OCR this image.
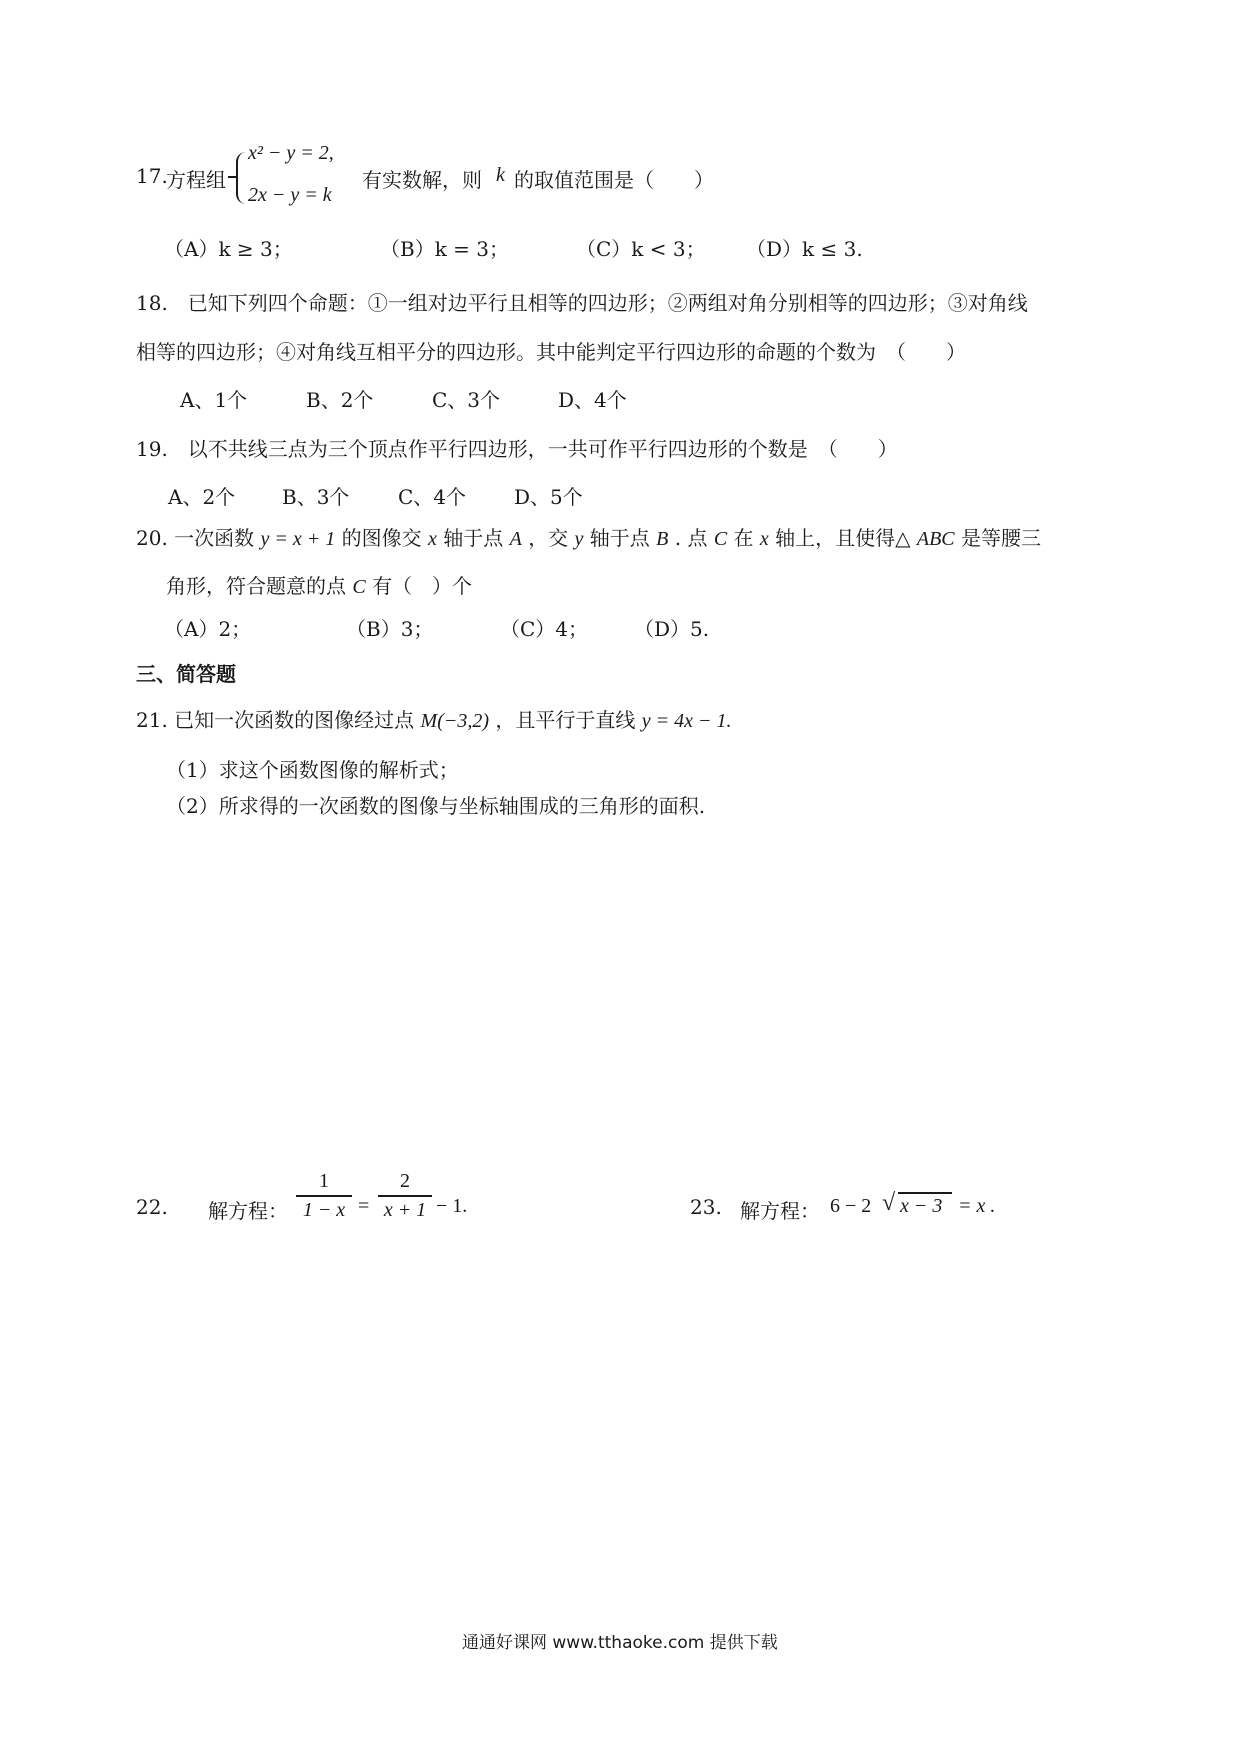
17.
方程组
x² − y = 2,
2x − y = k
有实数解，则 k 的取值范围是（　　）
（A）k ≥ 3；	（B）k = 3；	（C）k < 3； （D）k ≤ 3.
18.　已知下列四个命题：①一组对边平行且相等的四边形；②两组对角分别相等的四边形；③对角线
相等的四边形；④对角线互相平分的四边形。其中能判定平行四边形的命题的个数为　（　　）
A、1个	B、2个	C、3个	D、4个
19.　以不共线三点为三个顶点作平行四边形，一共可作平行四边形的个数是　（　　）
A、2个 B、3个 C、4个 D、5个
20. 一次函数 y = x + 1 的图像交 x 轴于点 A ，交 y 轴于点 B . 点 C 在 x 轴上，且使得△ ABC 是等腰三
角形，符合题意的点 C 有（　）个
（A）2；	（B）3；	（C）4； （D）5.
三、简答题
21. 已知一次函数的图像经过点 M(−3,2) ，且平行于直线 y = 4x − 1.
（1）求这个函数图像的解析式；
（2）所求得的一次函数的图像与坐标轴围成的三角形的面积.
22. 解方程：
1
1 − x =
2
x + 1 − 1.	23. 解方程： 6 − 2 √ x − 3 = x .
通通好课网 www.tthaoke.com 提供下载
